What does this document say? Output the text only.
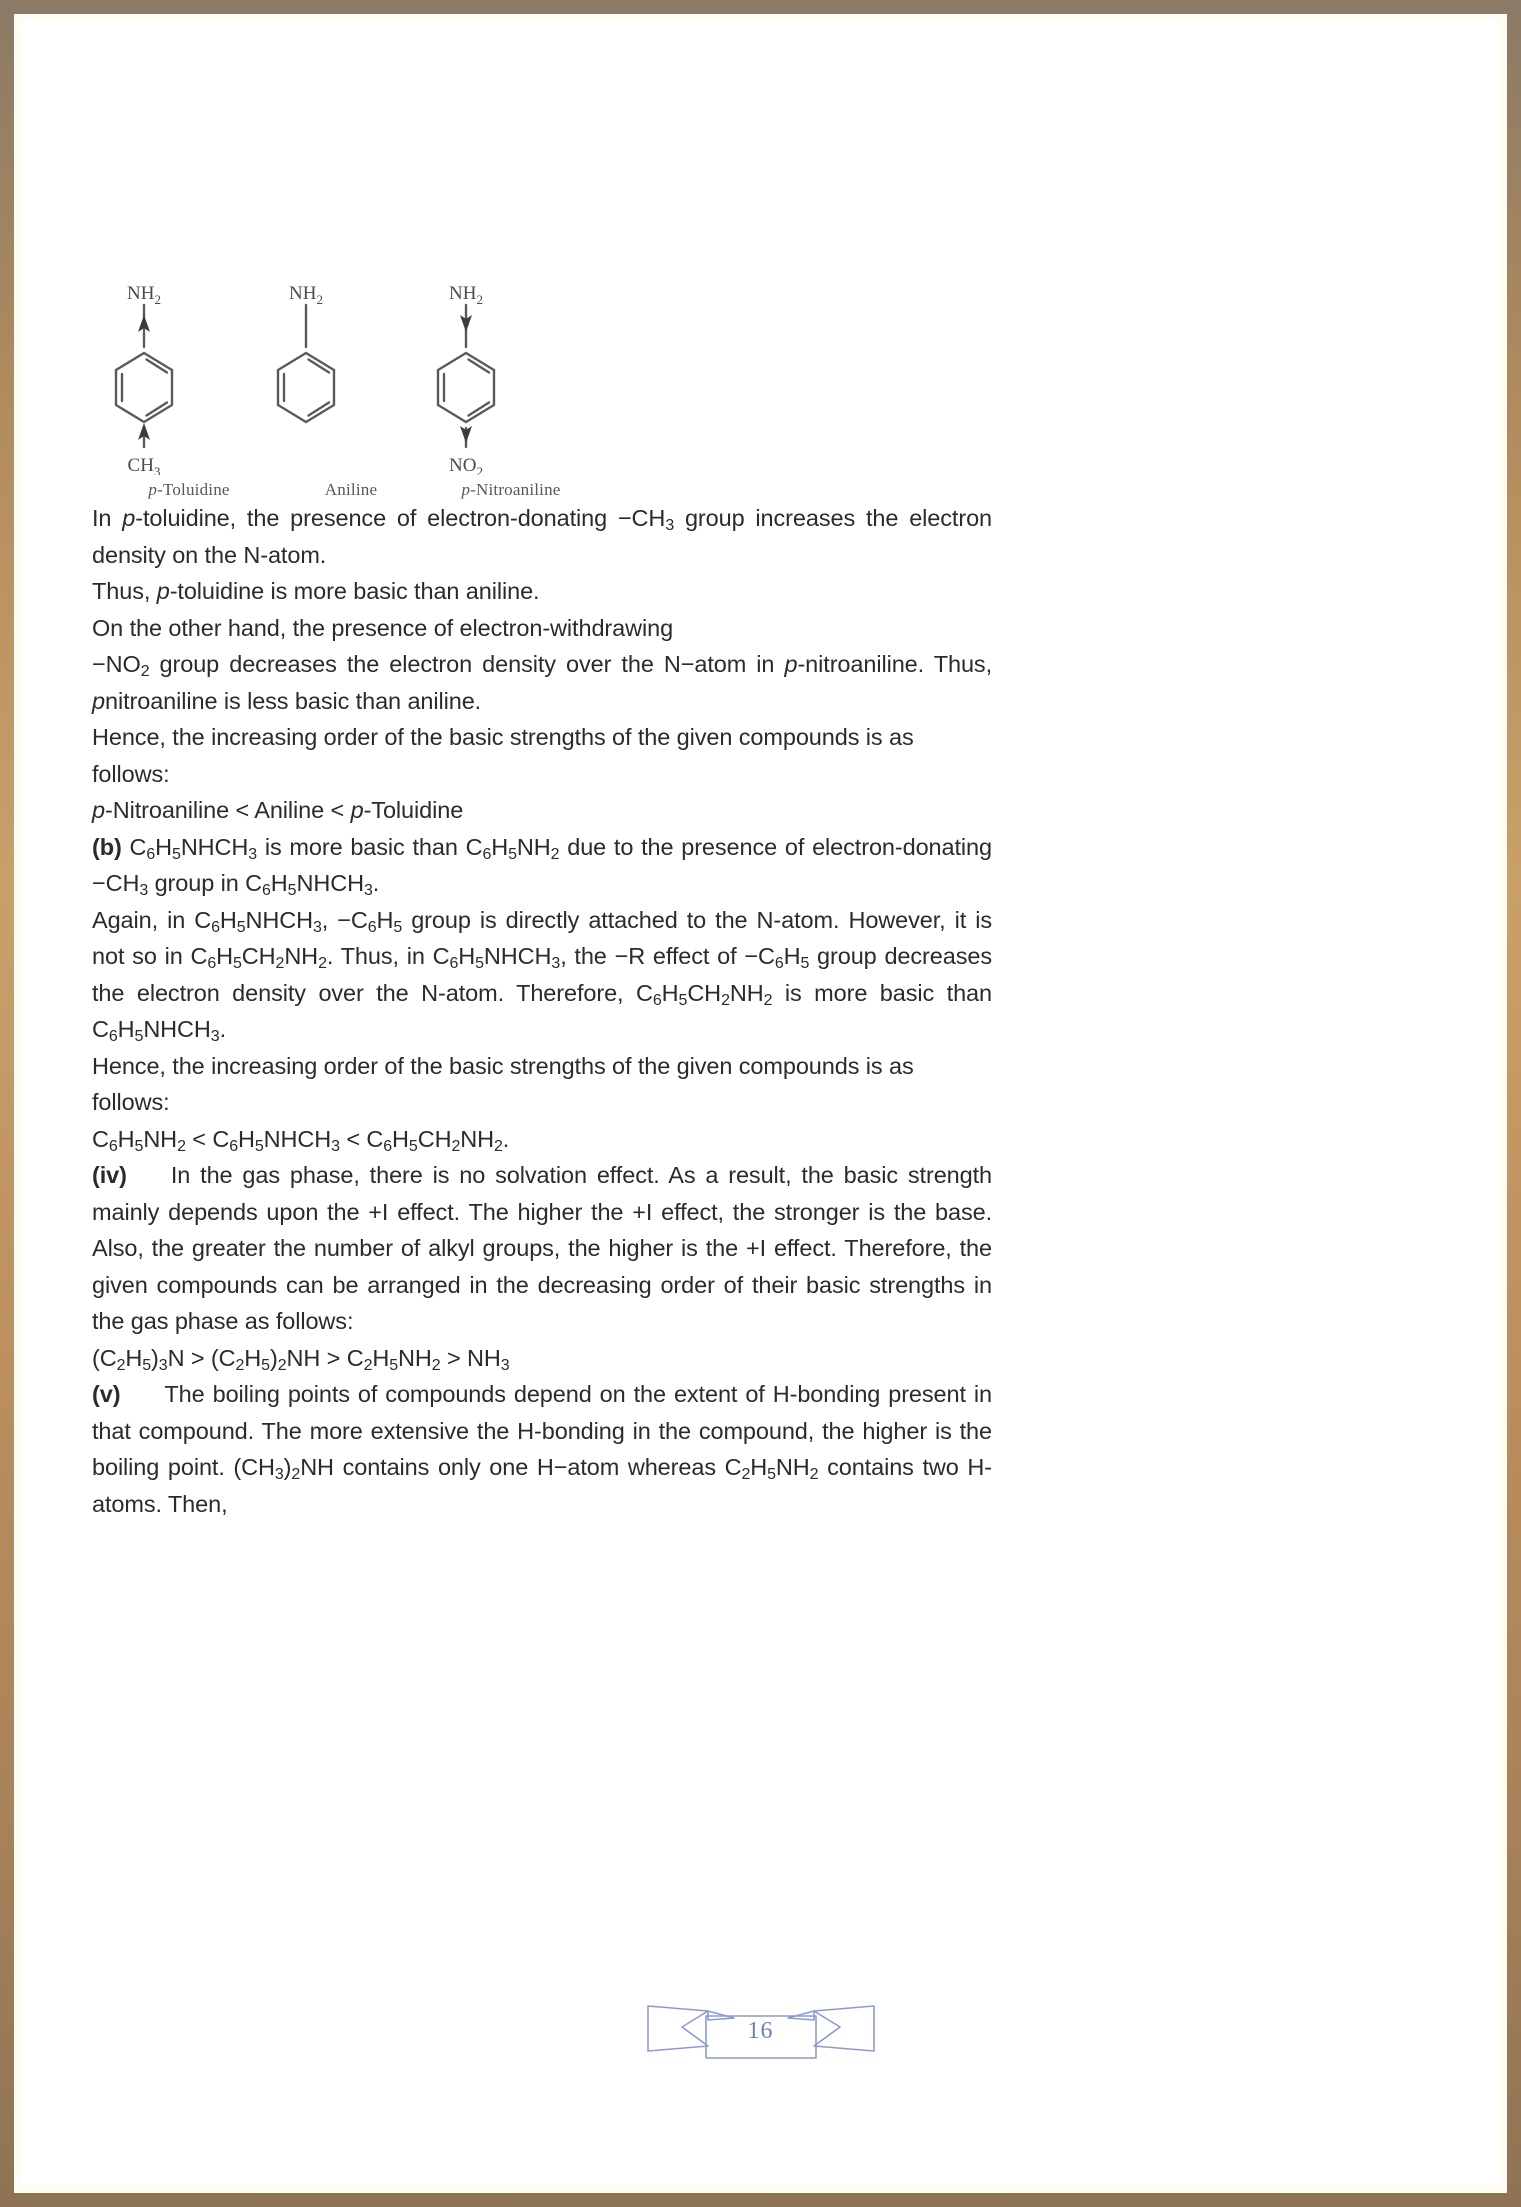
$NH_2$
$CH_3$
p-Toluidine
$NH_2$
Aniline
$NH_2$
$NO_2$
p-Nitroaniline

In p-toluidine, the presence of electron-donating $-CH_3$ group increases the electron density on the N-atom.

Thus, p-toluidine is more basic than aniline.

On the other hand, the presence of electron-withdrawing

$-NO_2$ group decreases the electron density over the N−atom in p-nitroaniline. Thus, pnitroaniline is less basic than aniline.

Hence, the increasing order of the basic strengths of the given compounds is as follows:

p-Nitroaniline < Aniline < p-Toluidine

(b) $C_6H_5NHCH_3$ is more basic than $C_6H_5NH_2$ due to the presence of electron-donating $-CH_3$ group in $C_6H_5NHCH_3$.

Again, in $C_6H_5NHCH_3$, $-C_6H_5$ group is directly attached to the N-atom. However, it is not so in $C_6H_5CH_2NH_2$. Thus, in $C_6H_5NHCH_3$, the −R effect of $-C_6H_5$ group decreases the electron density over the N-atom. Therefore, $C_6H_5CH_2NH_2$ is more basic than $C_6H_5NHCH_3$.

Hence, the increasing order of the basic strengths of the given compounds is as follows:

$C_6H_5NH_2$ < $C_6H_5NHCH_3 < C_6H_5CH_2NH_2$.

(iv) In the gas phase, there is no solvation effect. As a result, the basic strength mainly depends upon the +I effect. The higher the +I effect, the stronger is the base. Also, the greater the number of alkyl groups, the higher is the +I effect. Therefore, the given compounds can be arranged in the decreasing order of their basic strengths in the gas phase as follows:

$(C_2H_5)_3N > (C_2H_5)_2NH > C_2H_5NH_2 > NH_3$

(v) The boiling points of compounds depend on the extent of H-bonding present in that compound. The more extensive the H-bonding in the compound, the higher is the boiling point. $(CH_3)_2NH$ contains only one H−atom whereas $C_2H_5NH_2$ contains two H-atoms. Then,

16
